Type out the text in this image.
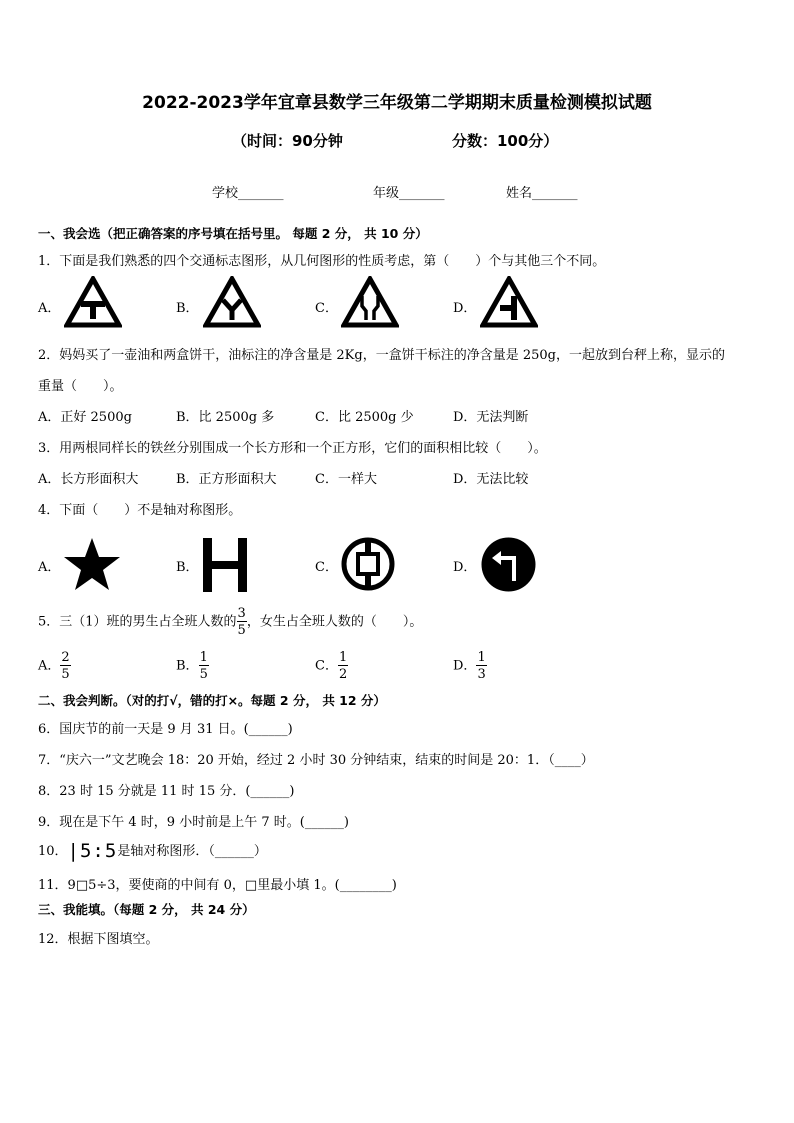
2022-2023学年宜章县数学三年级第二学期期末质量检测模拟试题
（时间：90分钟	分数：100分）
学校_______	年级_______	姓名_______
一、我会选（把正确答案的序号填在括号里。 每题 2 分， 共 10 分）
1．下面是我们熟悉的四个交通标志图形，从几何图形的性质考虑，第（　　）个与其他三个不同。
A．	B．	C．	D．
2．妈妈买了一壶油和两盒饼干，油标注的净含量是 2Kg，一盒饼干标注的净含量是 250g，一起放到台秤上称，显示的
重量（　　）。
A．正好 2500g	B．比 2500g 多	C．比 2500g 少	D．无法判断
3．用两根同样长的铁丝分别围成一个长方形和一个正方形，它们的面积相比较（　　）。
A．长方形面积大	B．正方形面积大	C．一样大	D．无法比较
4．下面（　　）不是轴对称图形。
A．	B．	C．	D．
5．三（1）班的男生占全班人数的 $\frac{3}{5}$ ，女生占全班人数的（　　）。
A． $\frac{2}{5}$	B． $\frac{1}{5}$	C． $\frac{1}{2}$	D． $\frac{1}{3}$
二、我会判断。（对的打√，错的打×。每题 2 分， 共 12 分）
6．国庆节的前一天是 9 月 31 日。(______)
7．“庆六一”文艺晚会 18：20 开始，经过 2 小时 30 分钟结束，结束的时间是 20：1．（____）
8．23 时 15 分就是 11 时 15 分．(______)
9．现在是下午 4 时，9 小时前是上午 7 时。(______)
10．|5:5是轴对称图形．（______）
11．9□5÷3，要使商的中间有 0，□里最小填 1。(________)
三、我能填。（每题 2 分， 共 24 分）
12．根据下图填空。
